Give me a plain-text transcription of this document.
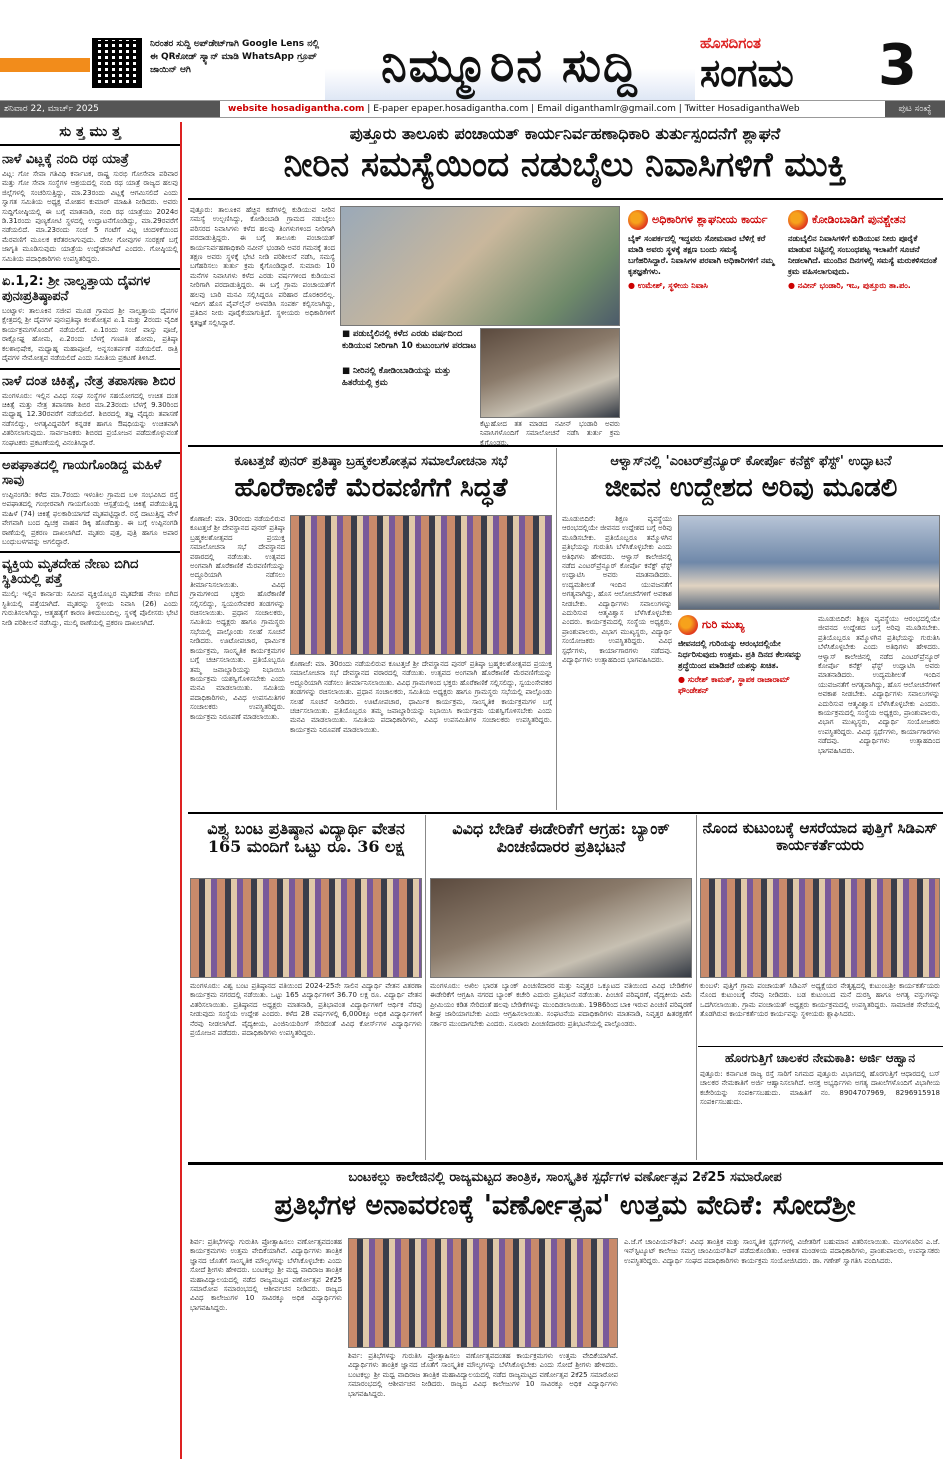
ನಿರಂತರ ಸುದ್ದಿ ಅಪ್‌ಡೇಟ್‌ಗಾಗಿ Google Lens ನಲ್ಲಿ ಈ QRಕೋಡ್ ಸ್ಕ್ಯಾನ್ ಮಾಡಿ WhatsApp ಗ್ರೂಪ್ ಜಾಯಿನ್ ಆಗಿ	ನಿಮ್ಮೂರಿನ ಸುದ್ದಿ	ಹೊಸದಿಗಂತ
ಸಂಗಮ 3
ಶನಿವಾರ 22, ಮಾರ್ಚ್ 2025	website hosadigantha.com | E-paper epaper.hosadigantha.com | Email diganthamlr@gmail.com | Twitter HosadiganthaWeb	ಪುಟ ಸಂಖ್ಯೆ
ಸು ತ್ತ ಮು ತ್ತ
ನಾಳೆ ವಿಟ್ಲಕ್ಕೆ ನಂದಿ ರಥ ಯಾತ್ರೆ
ವಿಟ್ಲ: ಗೋ ಸೇವಾ ಗತಿವಿಧಿ ಕರ್ನಾಟಕ, ರಾಷ್ಟ್ರ ಸುರಭಿ ಗೋಸೇವಾ ಪರಿವಾರ ಮತ್ತು ಗೋ ಸೇವಾ ಸಂಸ್ಥೆಗಳ ಆಶ್ರಯದಲ್ಲಿ ನಂದಿ ರಥ ಯಾತ್ರೆ ರಾಜ್ಯದ ಹಲವು ಜಿಲ್ಲೆಗಳಲ್ಲಿ ಸಂಚರಿಸುತ್ತಿದ್ದು, ಮಾ.23ರಂದು ವಿಟ್ಲಕ್ಕೆ ಆಗಮಿಸಲಿದೆ ಎಂದು ಸ್ವಾಗತ ಸಮಿತಿಯ ಅಧ್ಯಕ್ಷ ಮೋಹನ ಕುಮಾರ್ ಮಾಹಿತಿ ನೀಡಿದರು. ಅವರು ಸುದ್ದಿಗೋಷ್ಠಿಯಲ್ಲಿ ಈ ಬಗ್ಗೆ ಮಾತನಾಡಿ, ನಂದಿ ರಥ ಯಾತ್ರೆಯು 2024ರ ಡಿ.31ರಂದು ಪುಣ್ಯಕೋಟಿ ಸ್ಥಳದಲ್ಲಿ ಉದ್ಘಾಟನೆಗೊಂಡಿದ್ದು, ಮಾ.29ರವರೆಗೆ ನಡೆಯಲಿದೆ. ಮಾ.23ರಂದು ಸಂಜೆ 5 ಗಂಟೆಗೆ ವಿಟ್ಲ ಚಂದಳಿಕೆಯಿಂದ ಮೆರವಣಿಗೆ ಮೂಲಕ ಕರೆತರಲಾಗುವುದು. ದೇಸೀ ಗೋವುಗಳ ಸಂರಕ್ಷಣೆ ಬಗ್ಗೆ ಜಾಗೃತಿ ಮೂಡಿಸುವುದು ಯಾತ್ರೆಯ ಉದ್ದೇಶವಾಗಿದೆ ಎಂದರು. ಗೋಷ್ಠಿಯಲ್ಲಿ ಸಮಿತಿಯ ಪದಾಧಿಕಾರಿಗಳು ಉಪಸ್ಥಿತರಿದ್ದರು.
ಏ.1,2: ಶ್ರೀ ನಾಲ್ವತ್ತಾಯ ದೈವಗಳ ಪುನಃಪ್ರತಿಷ್ಠಾಪನೆ
ಬಂಟ್ವಾಳ: ತಾಲೂಕಿನ ಸಜೀಪ ಮೂಡ ಗ್ರಾಮದ ಶ್ರೀ ನಾಲ್ವತ್ತಾಯ ದೈವಗಳ ಕ್ಷೇತ್ರದಲ್ಲಿ ಶ್ರೀ ದೈವಗಳ ಪುನಃಪ್ರತಿಷ್ಠಾ ಕಲಶೋತ್ಸವ ಏ.1 ಮತ್ತು 2ರಂದು ವೈದಿಕ ಕಾರ್ಯಕ್ರಮಗಳೊಂದಿಗೆ ನಡೆಯಲಿದೆ. ಏ.1ರಂದು ಸಂಜೆ ವಾಸ್ತು ಪೂಜೆ, ರಾಕ್ಷೋಘ್ನ ಹೋಮ, ಏ.2ರಂದು ಬೆಳಗ್ಗೆ ಗಣಪತಿ ಹೋಮ, ಪ್ರತಿಷ್ಠಾ ಕಲಶಾಭಿಷೇಕ, ಮಧ್ಯಾಹ್ನ ಮಹಾಪೂಜೆ, ಅನ್ನಸಂತರ್ಪಣೆ ನಡೆಯಲಿದೆ. ರಾತ್ರಿ ದೈವಗಳ ನೇಮೋತ್ಸವ ನಡೆಯಲಿದೆ ಎಂದು ಸಮಿತಿಯ ಪ್ರಕಟಣೆ ತಿಳಿಸಿದೆ.
ನಾಳೆ ದಂತ ಚಿಕಿತ್ಸೆ, ನೇತ್ರ ತಪಾಸಣಾ ಶಿಬಿರ
ಮಂಗಳೂರು: ಇಲ್ಲಿನ ವಿವಿಧ ಸಂಘ ಸಂಸ್ಥೆಗಳ ಸಹಯೋಗದಲ್ಲಿ ಉಚಿತ ದಂತ ಚಿಕಿತ್ಸೆ ಮತ್ತು ನೇತ್ರ ತಪಾಸಣಾ ಶಿಬಿರ ಮಾ.23ರಂದು ಬೆಳಗ್ಗೆ 9.30ರಿಂದ ಮಧ್ಯಾಹ್ನ 12.30ರವರೆಗೆ ನಡೆಯಲಿದೆ. ಶಿಬಿರದಲ್ಲಿ ತಜ್ಞ ವೈದ್ಯರು ತಪಾಸಣೆ ನಡೆಸಲಿದ್ದು, ಅಗತ್ಯವಿದ್ದವರಿಗೆ ಕನ್ನಡಕ ಹಾಗೂ ಔಷಧಿಯನ್ನು ಉಚಿತವಾಗಿ ವಿತರಿಸಲಾಗುವುದು. ಸಾರ್ವಜನಿಕರು ಶಿಬಿರದ ಪ್ರಯೋಜನ ಪಡೆದುಕೊಳ್ಳುವಂತೆ ಸಂಘಟಕರು ಪ್ರಕಟಣೆಯಲ್ಲಿ ವಿನಂತಿಸಿದ್ದಾರೆ.
ಅಪಘಾತದಲ್ಲಿ ಗಾಯಗೊಂಡಿದ್ದ ಮಹಿಳೆ ಸಾವು
ಉಪ್ಪಿನಂಗಡಿ: ಕಳೆದ ಮಾ.7ರಂದು ಇಳಂತಿಲ ಗ್ರಾಮದ ಬಳಿ ಸಂಭವಿಸಿದ ರಸ್ತೆ ಅಪಘಾತದಲ್ಲಿ ಗಂಭೀರವಾಗಿ ಗಾಯಗೊಂಡು ಆಸ್ಪತ್ರೆಯಲ್ಲಿ ಚಿಕಿತ್ಸೆ ಪಡೆಯುತ್ತಿದ್ದ ಮಹಿಳೆ (74) ಚಿಕಿತ್ಸೆ ಫಲಕಾರಿಯಾಗದೆ ಮೃತಪಟ್ಟಿದ್ದಾರೆ. ರಸ್ತೆ ದಾಟುತ್ತಿದ್ದ ವೇಳೆ ವೇಗವಾಗಿ ಬಂದ ದ್ವಿಚಕ್ರ ವಾಹನ ಡಿಕ್ಕಿ ಹೊಡೆದಿತ್ತು. ಈ ಬಗ್ಗೆ ಉಪ್ಪಿನಂಗಡಿ ಠಾಣೆಯಲ್ಲಿ ಪ್ರಕರಣ ದಾಖಲಾಗಿದೆ. ಮೃತರು ಪುತ್ರ, ಪುತ್ರಿ ಹಾಗೂ ಅಪಾರ ಬಂಧುಬಳಗವನ್ನು ಅಗಲಿದ್ದಾರೆ.
ವ್ಯಕ್ತಿಯ ಮೃತದೇಹ ನೇಣು ಬಿಗಿದ ಸ್ಥಿತಿಯಲ್ಲಿ ಪತ್ತೆ
ಮುಲ್ಕಿ: ಇಲ್ಲಿನ ಕಾರ್ನಾಡು ಸಮೀಪ ವ್ಯಕ್ತಿಯೊಬ್ಬರ ಮೃತದೇಹ ನೇಣು ಬಿಗಿದ ಸ್ಥಿತಿಯಲ್ಲಿ ಪತ್ತೆಯಾಗಿದೆ. ಮೃತರನ್ನು ಸ್ಥಳೀಯ ನಿವಾಸಿ (26) ಎಂದು ಗುರುತಿಸಲಾಗಿದ್ದು, ಆತ್ಮಹತ್ಯೆಗೆ ಕಾರಣ ತಿಳಿದುಬಂದಿಲ್ಲ. ಸ್ಥಳಕ್ಕೆ ಪೊಲೀಸರು ಭೇಟಿ ನೀಡಿ ಪರಿಶೀಲನೆ ನಡೆಸಿದ್ದು, ಮುಲ್ಕಿ ಠಾಣೆಯಲ್ಲಿ ಪ್ರಕರಣ ದಾಖಲಾಗಿದೆ.
ಪುತ್ತೂರು ತಾಲೂಕು ಪಂಚಾಯತ್ ಕಾರ್ಯನಿರ್ವಹಣಾಧಿಕಾರಿ ತುರ್ತುಸ್ಪಂದನೆಗೆ ಶ್ಲಾಘನೆ
ನೀರಿನ ಸಮಸ್ಯೆಯಿಂದ ನಡುಬೈಲು ನಿವಾಸಿಗಳಿಗೆ ಮುಕ್ತಿ
ಪುತ್ತೂರು: ತಾಲೂಕಿನ ಹೆಚ್ಚಿನ ಕಡೆಗಳಲ್ಲಿ ಕುಡಿಯುವ ನೀರಿನ ಸಮಸ್ಯೆ ಉಲ್ಬಣಿಸಿದ್ದು, ಕೋಡಿಂಬಾಡಿ ಗ್ರಾಮದ ನಡುಬೈಲು ಪರಿಸರದ ನಿವಾಸಿಗಳು ಕಳೆದ ಹಲವು ತಿಂಗಳುಗಳಿಂದ ನೀರಿಗಾಗಿ ಪರದಾಡುತ್ತಿದ್ದರು. ಈ ಬಗ್ಗೆ ತಾಲೂಕು ಪಂಚಾಯತ್ ಕಾರ್ಯನಿರ್ವಹಣಾಧಿಕಾರಿ ನವೀನ್ ಭಂಡಾರಿ ಅವರ ಗಮನಕ್ಕೆ ತಂದ ತಕ್ಷಣ ಅವರು ಸ್ಥಳಕ್ಕೆ ಭೇಟಿ ನೀಡಿ ಪರಿಶೀಲನೆ ನಡೆಸಿ, ಸಮಸ್ಯೆ ಬಗೆಹರಿಸಲು ತುರ್ತು ಕ್ರಮ ಕೈಗೊಂಡಿದ್ದಾರೆ. ಸುಮಾರು 10 ಮನೆಗಳ ನಿವಾಸಿಗಳು ಕಳೆದ ಎರಡು ವರ್ಷಗಳಿಂದ ಕುಡಿಯುವ ನೀರಿಗಾಗಿ ಪರದಾಡುತ್ತಿದ್ದರು. ಈ ಬಗ್ಗೆ ಗ್ರಾಮ ಪಂಚಾಯತ್‌ಗೆ ಹಲವು ಬಾರಿ ಮನವಿ ಸಲ್ಲಿಸಿದ್ದರೂ ಪರಿಹಾರ ದೊರಕಿರಲಿಲ್ಲ. ಇದೀಗ ಹೊಸ ಪೈಪ್‌ಲೈನ್ ಅಳವಡಿಸಿ ಸಂಪರ್ಕ ಕಲ್ಪಿಸಲಾಗಿದ್ದು, ಪ್ರತಿದಿನ ನೀರು ಪೂರೈಕೆಯಾಗುತ್ತಿದೆ. ಸ್ಥಳೀಯರು ಅಧಿಕಾರಿಗಳಿಗೆ ಕೃತಜ್ಞತೆ ಸಲ್ಲಿಸಿದ್ದಾರೆ.
■ ಪಡುಬೈಲಿನಲ್ಲಿ ಕಳೆದ ಎರಡು ವರ್ಷದಿಂದ ಕುಡಿಯುವ ನೀರಿಗಾಗಿ 10 ಕುಟುಂಬಗಳ ಪರದಾಟ
■ ನೀರಿನಲ್ಲಿ ಕೋಡಿಂಬಾಡಿಯನ್ನು ಮತ್ತು ಹಿತರೆಯಲ್ಲಿ ಕ್ರಮ
ಕೆಟ್ಟುಹೋದ ತತ ಮಾಡದ ನವೀನ್ ಭಂಡಾರಿ ಅವರು ನಿವಾಸಿಗಳೊಂದಿಗೆ ಸಮಾಲೋಚನೆ ನಡೆಸಿ ತುರ್ತು ಕ್ರಮ ಕೈಗೊಂಡರು.
ಅಧಿಕಾರಿಗಳ ಶ್ಲಾಘನೀಯ ಕಾರ್ಯ
ಬೈಕ್ ಸಂಪರ್ಕದಲ್ಲಿ ಇದ್ದವರು ಸೋಮವಾರ ಬೆಳಿಗ್ಗೆ ಕರೆ ಮಾಡಿ ಅವರು ಸ್ಥಳಕ್ಕೆ ತಕ್ಷಣ ಬಂದು ಸಮಸ್ಯೆ ಬಗೆಹರಿಸಿದ್ದಾರೆ. ನಿವಾಸಿಗಳ ಪರವಾಗಿ ಅಧಿಕಾರಿಗಳಿಗೆ ನಮ್ಮ ಕೃತಜ್ಞತೆಗಳು.
● ಉಮೇಶ್, ಸ್ಥಳೀಯ ನಿವಾಸಿ
ಕೋಡಿಂಬಾಡಿಗೆ ಪುನಶ್ಚೇತನ
ನಡುಬೈಲಿನ ನಿವಾಸಿಗಳಿಗೆ ಕುಡಿಯುವ ನೀರು ಪೂರೈಕೆ ಮಾಡುವ ನಿಟ್ಟಿನಲ್ಲಿ ಸಂಬಂಧಪಟ್ಟ ಇಲಾಖೆಗೆ ಸೂಚನೆ ನೀಡಲಾಗಿದೆ. ಮುಂದಿನ ದಿನಗಳಲ್ಲಿ ಸಮಸ್ಯೆ ಮರುಕಳಿಸದಂತೆ ಕ್ರಮ ವಹಿಸಲಾಗುವುದು.
● ನವೀನ್ ಭಂಡಾರಿ, ಇಒ, ಪುತ್ತೂರು ತಾ.ಪಂ.
ಕೂಟತ್ತಜೆ ಪುನರ್ ಪ್ರತಿಷ್ಠಾ ಬ್ರಹ್ಮಕಲಶೋತ್ಸವ ಸಮಾಲೋಚನಾ ಸಭೆ
ಹೊರೆಕಾಣಿಕೆ ಮೆರವಣಿಗೆಗೆ ಸಿದ್ಧತೆ
ಕೊಣಾಜೆ: ಮಾ. 30ರಂದು ನಡೆಯಲಿರುವ ಕೂಟತ್ತಜೆ ಶ್ರೀ ದೇವಸ್ಥಾನದ ಪುನರ್ ಪ್ರತಿಷ್ಠಾ ಬ್ರಹ್ಮಕಲಶೋತ್ಸವದ ಪ್ರಯುಕ್ತ ಸಮಾಲೋಚನಾ ಸಭೆ ದೇವಸ್ಥಾನದ ವಠಾರದಲ್ಲಿ ನಡೆಯಿತು. ಉತ್ಸವದ ಅಂಗವಾಗಿ ಹೊರೆಕಾಣಿಕೆ ಮೆರವಣಿಗೆಯನ್ನು ಅದ್ದೂರಿಯಾಗಿ ನಡೆಸಲು ತೀರ್ಮಾನಿಸಲಾಯಿತು. ವಿವಿಧ ಗ್ರಾಮಗಳಿಂದ ಭಕ್ತರು ಹೊರೆಕಾಣಿಕೆ ಸಲ್ಲಿಸಲಿದ್ದು, ಸ್ವಯಂಸೇವಕರ ತಂಡಗಳನ್ನು ರಚಿಸಲಾಯಿತು. ಪ್ರಧಾನ ಸಂಚಾಲಕರು, ಸಮಿತಿಯ ಅಧ್ಯಕ್ಷರು ಹಾಗೂ ಗ್ರಾಮಸ್ಥರು ಸಭೆಯಲ್ಲಿ ಪಾಲ್ಗೊಂಡು ಸಲಹೆ ಸೂಚನೆ ನೀಡಿದರು. ಊಟೋಪಚಾರ, ಧಾರ್ಮಿಕ ಕಾರ್ಯಕ್ರಮ, ಸಾಂಸ್ಕೃತಿಕ ಕಾರ್ಯಕ್ರಮಗಳ ಬಗ್ಗೆ ಚರ್ಚಿಸಲಾಯಿತು. ಪ್ರತಿಯೊಬ್ಬರೂ ತಮ್ಮ ಜವಾಬ್ದಾರಿಯನ್ನು ನಿಭಾಯಿಸಿ ಕಾರ್ಯಕ್ರಮ ಯಶಸ್ವಿಗೊಳಿಸಬೇಕು ಎಂದು ಮನವಿ ಮಾಡಲಾಯಿತು. ಸಮಿತಿಯ ಪದಾಧಿಕಾರಿಗಳು, ವಿವಿಧ ಉಪಸಮಿತಿಗಳ ಸಂಚಾಲಕರು ಉಪಸ್ಥಿತರಿದ್ದರು. ಕಾರ್ಯಕ್ರಮ ನಿರೂಪಣೆ ಮಾಡಲಾಯಿತು.
ಕೊಣಾಜೆ: ಮಾ. 30ರಂದು ನಡೆಯಲಿರುವ ಕೂಟತ್ತಜೆ ಶ್ರೀ ದೇವಸ್ಥಾನದ ಪುನರ್ ಪ್ರತಿಷ್ಠಾ ಬ್ರಹ್ಮಕಲಶೋತ್ಸವದ ಪ್ರಯುಕ್ತ ಸಮಾಲೋಚನಾ ಸಭೆ ದೇವಸ್ಥಾನದ ವಠಾರದಲ್ಲಿ ನಡೆಯಿತು. ಉತ್ಸವದ ಅಂಗವಾಗಿ ಹೊರೆಕಾಣಿಕೆ ಮೆರವಣಿಗೆಯನ್ನು ಅದ್ದೂರಿಯಾಗಿ ನಡೆಸಲು ತೀರ್ಮಾನಿಸಲಾಯಿತು. ವಿವಿಧ ಗ್ರಾಮಗಳಿಂದ ಭಕ್ತರು ಹೊರೆಕಾಣಿಕೆ ಸಲ್ಲಿಸಲಿದ್ದು, ಸ್ವಯಂಸೇವಕರ ತಂಡಗಳನ್ನು ರಚಿಸಲಾಯಿತು. ಪ್ರಧಾನ ಸಂಚಾಲಕರು, ಸಮಿತಿಯ ಅಧ್ಯಕ್ಷರು ಹಾಗೂ ಗ್ರಾಮಸ್ಥರು ಸಭೆಯಲ್ಲಿ ಪಾಲ್ಗೊಂಡು ಸಲಹೆ ಸೂಚನೆ ನೀಡಿದರು. ಊಟೋಪಚಾರ, ಧಾರ್ಮಿಕ ಕಾರ್ಯಕ್ರಮ, ಸಾಂಸ್ಕೃತಿಕ ಕಾರ್ಯಕ್ರಮಗಳ ಬಗ್ಗೆ ಚರ್ಚಿಸಲಾಯಿತು. ಪ್ರತಿಯೊಬ್ಬರೂ ತಮ್ಮ ಜವಾಬ್ದಾರಿಯನ್ನು ನಿಭಾಯಿಸಿ ಕಾರ್ಯಕ್ರಮ ಯಶಸ್ವಿಗೊಳಿಸಬೇಕು ಎಂದು ಮನವಿ ಮಾಡಲಾಯಿತು. ಸಮಿತಿಯ ಪದಾಧಿಕಾರಿಗಳು, ವಿವಿಧ ಉಪಸಮಿತಿಗಳ ಸಂಚಾಲಕರು ಉಪಸ್ಥಿತರಿದ್ದರು. ಕಾರ್ಯಕ್ರಮ ನಿರೂಪಣೆ ಮಾಡಲಾಯಿತು.
ಆಳ್ವಾಸ್‌ನಲ್ಲಿ 'ಎಂಟರ್‌ಪ್ರೆನ್ಯೂರ್ ಕೋರ್ಪೊ ಕನೆಕ್ಟ್ ಫೆಸ್ಟ್' ಉದ್ಘಾಟನೆ
ಜೀವನ ಉದ್ದೇಶದ ಅರಿವು ಮೂಡಲಿ
ಮೂಡುಬಿದಿರೆ: ಶಿಕ್ಷಣ ವ್ಯವಸ್ಥೆಯು ಆರಂಭದಲ್ಲಿಯೇ ಜೀವನದ ಉದ್ದೇಶದ ಬಗ್ಗೆ ಅರಿವು ಮೂಡಿಸಬೇಕು. ಪ್ರತಿಯೊಬ್ಬರೂ ತಮ್ಮೊಳಗಿನ ಪ್ರತಿಭೆಯನ್ನು ಗುರುತಿಸಿ ಬೆಳೆಸಿಕೊಳ್ಳಬೇಕು ಎಂದು ಅತಿಥಿಗಳು ಹೇಳಿದರು. ಆಳ್ವಾಸ್ ಕಾಲೇಜಿನಲ್ಲಿ ನಡೆದ ಎಂಟರ್‌ಪ್ರೆನ್ಯೂರ್ ಕೋರ್ಪೊ ಕನೆಕ್ಟ್ ಫೆಸ್ಟ್ ಉದ್ಘಾಟಿಸಿ ಅವರು ಮಾತನಾಡಿದರು. ಉದ್ಯಮಶೀಲತೆ ಇಂದಿನ ಯುವಜನತೆಗೆ ಅಗತ್ಯವಾಗಿದ್ದು, ಹೊಸ ಆಲೋಚನೆಗಳಿಗೆ ಅವಕಾಶ ನೀಡಬೇಕು. ವಿದ್ಯಾರ್ಥಿಗಳು ಸವಾಲುಗಳನ್ನು ಎದುರಿಸುವ ಆತ್ಮವಿಶ್ವಾಸ ಬೆಳೆಸಿಕೊಳ್ಳಬೇಕು ಎಂದರು. ಕಾರ್ಯಕ್ರಮದಲ್ಲಿ ಸಂಸ್ಥೆಯ ಅಧ್ಯಕ್ಷರು, ಪ್ರಾಂಶುಪಾಲರು, ವಿಭಾಗ ಮುಖ್ಯಸ್ಥರು, ವಿದ್ಯಾರ್ಥಿ ಸಂಯೋಜಕರು ಉಪಸ್ಥಿತರಿದ್ದರು. ವಿವಿಧ ಸ್ಪರ್ಧೆಗಳು, ಕಾರ್ಯಾಗಾರಗಳು ನಡೆದವು. ವಿದ್ಯಾರ್ಥಿಗಳು ಉತ್ಸಾಹದಿಂದ ಭಾಗವಹಿಸಿದರು.
ಗುರಿ ಮುಖ್ಯ
ಜೀವನದಲ್ಲಿ ಗುರಿಯನ್ನು ಆರಂಭದಲ್ಲಿಯೇ ನಿರ್ಧರಿಸುವುದು ಉತ್ತಮ. ಪ್ರತಿ ದಿನದ ಕೆಲಸವನ್ನು ಶ್ರದ್ಧೆಯಿಂದ ಮಾಡಿದರೆ ಯಶಸ್ಸು ಖಚಿತ.
● ಸುರೇಶ್ ಕಾಮತ್, ಸ್ಥಾಪಕ ರಾಜಾರಾಮ್ ಫೌಂಡೇಶನ್
ಮೂಡುಬಿದಿರೆ: ಶಿಕ್ಷಣ ವ್ಯವಸ್ಥೆಯು ಆರಂಭದಲ್ಲಿಯೇ ಜೀವನದ ಉದ್ದೇಶದ ಬಗ್ಗೆ ಅರಿವು ಮೂಡಿಸಬೇಕು. ಪ್ರತಿಯೊಬ್ಬರೂ ತಮ್ಮೊಳಗಿನ ಪ್ರತಿಭೆಯನ್ನು ಗುರುತಿಸಿ ಬೆಳೆಸಿಕೊಳ್ಳಬೇಕು ಎಂದು ಅತಿಥಿಗಳು ಹೇಳಿದರು. ಆಳ್ವಾಸ್ ಕಾಲೇಜಿನಲ್ಲಿ ನಡೆದ ಎಂಟರ್‌ಪ್ರೆನ್ಯೂರ್ ಕೋರ್ಪೊ ಕನೆಕ್ಟ್ ಫೆಸ್ಟ್ ಉದ್ಘಾಟಿಸಿ ಅವರು ಮಾತನಾಡಿದರು. ಉದ್ಯಮಶೀಲತೆ ಇಂದಿನ ಯುವಜನತೆಗೆ ಅಗತ್ಯವಾಗಿದ್ದು, ಹೊಸ ಆಲೋಚನೆಗಳಿಗೆ ಅವಕಾಶ ನೀಡಬೇಕು. ವಿದ್ಯಾರ್ಥಿಗಳು ಸವಾಲುಗಳನ್ನು ಎದುರಿಸುವ ಆತ್ಮವಿಶ್ವಾಸ ಬೆಳೆಸಿಕೊಳ್ಳಬೇಕು ಎಂದರು. ಕಾರ್ಯಕ್ರಮದಲ್ಲಿ ಸಂಸ್ಥೆಯ ಅಧ್ಯಕ್ಷರು, ಪ್ರಾಂಶುಪಾಲರು, ವಿಭಾಗ ಮುಖ್ಯಸ್ಥರು, ವಿದ್ಯಾರ್ಥಿ ಸಂಯೋಜಕರು ಉಪಸ್ಥಿತರಿದ್ದರು. ವಿವಿಧ ಸ್ಪರ್ಧೆಗಳು, ಕಾರ್ಯಾಗಾರಗಳು ನಡೆದವು. ವಿದ್ಯಾರ್ಥಿಗಳು ಉತ್ಸಾಹದಿಂದ ಭಾಗವಹಿಸಿದರು.
ವಿಶ್ವ ಬಂಟ ಪ್ರತಿಷ್ಠಾನ ವಿದ್ಯಾರ್ಥಿ ವೇತನ 165 ಮಂದಿಗೆ ಒಟ್ಟು ರೂ. 36 ಲಕ್ಷ
ಮಂಗಳೂರು: ವಿಶ್ವ ಬಂಟ ಪ್ರತಿಷ್ಠಾನದ ವತಿಯಿಂದ 2024-25ನೇ ಸಾಲಿನ ವಿದ್ಯಾರ್ಥಿ ವೇತನ ವಿತರಣಾ ಕಾರ್ಯಕ್ರಮ ನಗರದಲ್ಲಿ ನಡೆಯಿತು. ಒಟ್ಟು 165 ವಿದ್ಯಾರ್ಥಿಗಳಿಗೆ 36.70 ಲಕ್ಷ ರೂ. ವಿದ್ಯಾರ್ಥಿ ವೇತನ ವಿತರಿಸಲಾಯಿತು. ಪ್ರತಿಷ್ಠಾನದ ಅಧ್ಯಕ್ಷರು ಮಾತನಾಡಿ, ಪ್ರತಿಭಾವಂತ ವಿದ್ಯಾರ್ಥಿಗಳಿಗೆ ಆರ್ಥಿಕ ನೆರವು ನೀಡುವುದು ಸಂಸ್ಥೆಯ ಉದ್ದೇಶ ಎಂದರು. ಕಳೆದ 28 ವರ್ಷಗಳಲ್ಲಿ 6,000ಕ್ಕೂ ಅಧಿಕ ವಿದ್ಯಾರ್ಥಿಗಳಿಗೆ ನೆರವು ನೀಡಲಾಗಿದೆ. ವೈದ್ಯಕೀಯ, ಎಂಜಿನಿಯರಿಂಗ್ ಸೇರಿದಂತೆ ವಿವಿಧ ಕೋರ್ಸ್‌ಗಳ ವಿದ್ಯಾರ್ಥಿಗಳು ಪ್ರಯೋಜನ ಪಡೆದರು. ಪದಾಧಿಕಾರಿಗಳು ಉಪಸ್ಥಿತರಿದ್ದರು.
ವಿವಿಧ ಬೇಡಿಕೆ ಈಡೇರಿಕೆಗೆ ಆಗ್ರಹ: ಬ್ಯಾಂಕ್ ಪಿಂಚಣಿದಾರರ ಪ್ರತಿಭಟನೆ
ಮಂಗಳೂರು: ಅಖಿಲ ಭಾರತ ಬ್ಯಾಂಕ್ ಪಿಂಚಣಿದಾರರ ಮತ್ತು ನಿವೃತ್ತರ ಒಕ್ಕೂಟದ ವತಿಯಿಂದ ವಿವಿಧ ಬೇಡಿಕೆಗಳ ಈಡೇರಿಕೆಗೆ ಆಗ್ರಹಿಸಿ ನಗರದ ಬ್ಯಾಂಕ್ ಕಚೇರಿ ಎದುರು ಪ್ರತಿಭಟನೆ ನಡೆಯಿತು. ಪಿಂಚಣಿ ಪರಿಷ್ಕರಣೆ, ವೈದ್ಯಕೀಯ ವಿಮೆ ಪ್ರೀಮಿಯಂ ಕಡಿತ ಸೇರಿದಂತೆ ಹಲವು ಬೇಡಿಕೆಗಳನ್ನು ಮುಂದಿಡಲಾಯಿತು. 1986ರಿಂದ ಬಾಕಿ ಇರುವ ಪಿಂಚಣಿ ಪರಿಷ್ಕರಣೆ ಶೀಘ್ರ ಜಾರಿಯಾಗಬೇಕು ಎಂದು ಆಗ್ರಹಿಸಲಾಯಿತು. ಸಂಘಟನೆಯ ಪದಾಧಿಕಾರಿಗಳು ಮಾತನಾಡಿ, ನಿವೃತ್ತರ ಹಿತರಕ್ಷಣೆಗೆ ಸರ್ಕಾರ ಮುಂದಾಗಬೇಕು ಎಂದರು. ನೂರಾರು ಪಿಂಚಣಿದಾರರು ಪ್ರತಿಭಟನೆಯಲ್ಲಿ ಪಾಲ್ಗೊಂಡರು.
ನೊಂದ ಕುಟುಂಬಕ್ಕೆ ಆಸರೆಯಾದ ಪುತ್ತಿಗೆ ಸಿಡಿಎಸ್ ಕಾರ್ಯಕರ್ತೆಯರು
ಕುಂಬಳೆ: ಪುತ್ತಿಗೆ ಗ್ರಾಮ ಪಂಚಾಯತ್ ಸಿಡಿಎಸ್ ಅಧ್ಯಕ್ಷೆಯರ ನೇತೃತ್ವದಲ್ಲಿ ಕುಟುಂಬಶ್ರೀ ಕಾರ್ಯಕರ್ತೆಯರು ನೊಂದ ಕುಟುಂಬಕ್ಕೆ ನೆರವು ನೀಡಿದರು. ಬಡ ಕುಟುಂಬದ ಮನೆ ದುರಸ್ತಿ ಹಾಗೂ ಅಗತ್ಯ ವಸ್ತುಗಳನ್ನು ಒದಗಿಸಲಾಯಿತು. ಗ್ರಾಮ ಪಂಚಾಯತ್ ಅಧ್ಯಕ್ಷರು ಕಾರ್ಯಕ್ರಮದಲ್ಲಿ ಉಪಸ್ಥಿತರಿದ್ದರು. ಸಾಮಾಜಿಕ ಸೇವೆಯಲ್ಲಿ ತೊಡಗಿರುವ ಕಾರ್ಯಕರ್ತೆಯರ ಕಾರ್ಯವನ್ನು ಸ್ಥಳೀಯರು ಶ್ಲಾಘಿಸಿದರು.
ಹೊರಗುತ್ತಿಗೆ ಚಾಲಕರ ನೇಮಕಾತಿ: ಅರ್ಜಿ ಆಹ್ವಾನ
ಪುತ್ತೂರು: ಕರ್ನಾಟಕ ರಾಜ್ಯ ರಸ್ತೆ ಸಾರಿಗೆ ನಿಗಮದ ಪುತ್ತೂರು ವಿಭಾಗದಲ್ಲಿ ಹೊರಗುತ್ತಿಗೆ ಆಧಾರದಲ್ಲಿ ಬಸ್ ಚಾಲಕರ ನೇಮಕಾತಿಗೆ ಅರ್ಜಿ ಆಹ್ವಾನಿಸಲಾಗಿದೆ. ಆಸಕ್ತ ಅಭ್ಯರ್ಥಿಗಳು ಅಗತ್ಯ ದಾಖಲೆಗಳೊಂದಿಗೆ ವಿಭಾಗೀಯ ಕಚೇರಿಯನ್ನು ಸಂಪರ್ಕಿಸಬಹುದು. ಮಾಹಿತಿಗೆ ನಂ. 8904707969, 8296915918 ಸಂಪರ್ಕಿಸಬಹುದು.
ಬಂಟಕಲ್ಲು ಕಾಲೇಜಿನಲ್ಲಿ ರಾಜ್ಯಮಟ್ಟದ ತಾಂತ್ರಿಕ, ಸಾಂಸ್ಕೃತಿಕ ಸ್ಪರ್ಧೆಗಳ ವರ್ಣೋತ್ಸವ 2ಕೆ25 ಸಮಾರೋಪ
ಪ್ರತಿಭೆಗಳ ಅನಾವರಣಕ್ಕೆ 'ವರ್ಣೋತ್ಸವ' ಉತ್ತಮ ವೇದಿಕೆ: ಸೋದೆಶ್ರೀ
ಶಿರ್ವ: ಪ್ರತಿಭೆಗಳನ್ನು ಗುರುತಿಸಿ ಪ್ರೋತ್ಸಾಹಿಸಲು ವರ್ಣೋತ್ಸವದಂತಹ ಕಾರ್ಯಕ್ರಮಗಳು ಉತ್ತಮ ವೇದಿಕೆಯಾಗಿವೆ. ವಿದ್ಯಾರ್ಥಿಗಳು ತಾಂತ್ರಿಕ ಜ್ಞಾನದ ಜೊತೆಗೆ ಸಾಂಸ್ಕೃತಿಕ ಮೌಲ್ಯಗಳನ್ನು ಬೆಳೆಸಿಕೊಳ್ಳಬೇಕು ಎಂದು ಸೋದೆ ಶ್ರೀಗಳು ಹೇಳಿದರು. ಬಂಟಕಲ್ಲು ಶ್ರೀ ಮಧ್ವ ವಾದಿರಾಜ ತಾಂತ್ರಿಕ ಮಹಾವಿದ್ಯಾಲಯದಲ್ಲಿ ನಡೆದ ರಾಜ್ಯಮಟ್ಟದ ವರ್ಣೋತ್ಸವ 2ಕೆ25 ಸಮಾರೋಪ ಸಮಾರಂಭದಲ್ಲಿ ಆಶೀರ್ವಚನ ನೀಡಿದರು. ರಾಜ್ಯದ ವಿವಿಧ ಕಾಲೇಜುಗಳ 10 ಸಾವಿರಕ್ಕೂ ಅಧಿಕ ವಿದ್ಯಾರ್ಥಿಗಳು ಭಾಗವಹಿಸಿದ್ದರು.
ಶಿರ್ವ: ಪ್ರತಿಭೆಗಳನ್ನು ಗುರುತಿಸಿ ಪ್ರೋತ್ಸಾಹಿಸಲು ವರ್ಣೋತ್ಸವದಂತಹ ಕಾರ್ಯಕ್ರಮಗಳು ಉತ್ತಮ ವೇದಿಕೆಯಾಗಿವೆ. ವಿದ್ಯಾರ್ಥಿಗಳು ತಾಂತ್ರಿಕ ಜ್ಞಾನದ ಜೊತೆಗೆ ಸಾಂಸ್ಕೃತಿಕ ಮೌಲ್ಯಗಳನ್ನು ಬೆಳೆಸಿಕೊಳ್ಳಬೇಕು ಎಂದು ಸೋದೆ ಶ್ರೀಗಳು ಹೇಳಿದರು. ಬಂಟಕಲ್ಲು ಶ್ರೀ ಮಧ್ವ ವಾದಿರಾಜ ತಾಂತ್ರಿಕ ಮಹಾವಿದ್ಯಾಲಯದಲ್ಲಿ ನಡೆದ ರಾಜ್ಯಮಟ್ಟದ ವರ್ಣೋತ್ಸವ 2ಕೆ25 ಸಮಾರೋಪ ಸಮಾರಂಭದಲ್ಲಿ ಆಶೀರ್ವಚನ ನೀಡಿದರು. ರಾಜ್ಯದ ವಿವಿಧ ಕಾಲೇಜುಗಳ 10 ಸಾವಿರಕ್ಕೂ ಅಧಿಕ ವಿದ್ಯಾರ್ಥಿಗಳು ಭಾಗವಹಿಸಿದ್ದರು.
ಎ.ಜೆ.ಗೆ ಚಾಂಪಿಯನ್‌ಶಿಪ್: ವಿವಿಧ ತಾಂತ್ರಿಕ ಮತ್ತು ಸಾಂಸ್ಕೃತಿಕ ಸ್ಪರ್ಧೆಗಳಲ್ಲಿ ವಿಜೇತರಿಗೆ ಬಹುಮಾನ ವಿತರಿಸಲಾಯಿತು. ಮಂಗಳೂರಿನ ಎ.ಜೆ. ಇನ್‌ಸ್ಟಿಟ್ಯೂಟ್ ಕಾಲೇಜು ಸಮಗ್ರ ಚಾಂಪಿಯನ್‌ಶಿಪ್ ಪಡೆದುಕೊಂಡಿತು. ಆಡಳಿತ ಮಂಡಳಿಯ ಪದಾಧಿಕಾರಿಗಳು, ಪ್ರಾಂಶುಪಾಲರು, ಉಪನ್ಯಾಸಕರು ಉಪಸ್ಥಿತರಿದ್ದರು. ವಿದ್ಯಾರ್ಥಿ ಸಂಘದ ಪದಾಧಿಕಾರಿಗಳು ಕಾರ್ಯಕ್ರಮ ಸಂಯೋಜಿಸಿದರು. ಡಾ. ಗಣೇಶ್ ಸ್ವಾಗತಿಸಿ ವಂದಿಸಿದರು.
